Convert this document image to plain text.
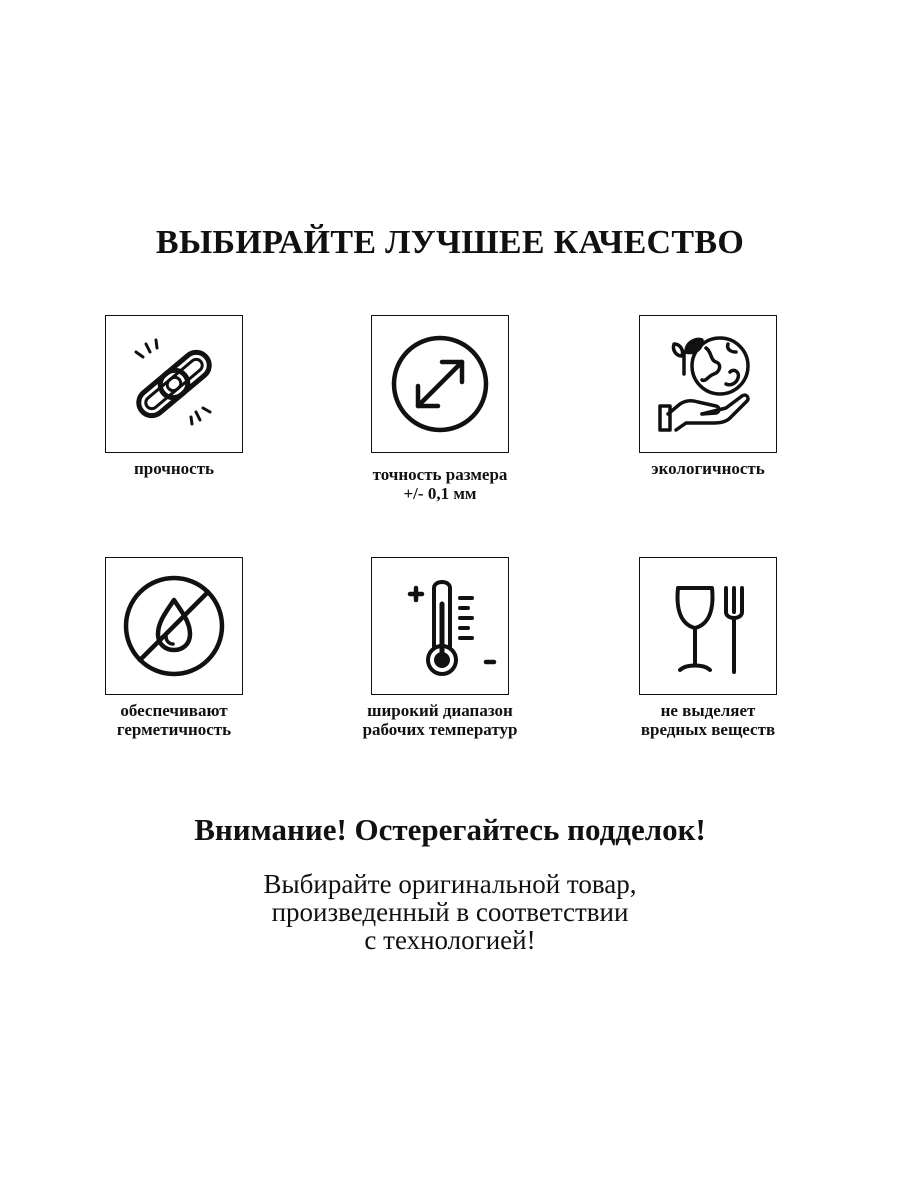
ВЫБИРАЙТЕ ЛУЧШЕЕ КАЧЕСТВО
прочность	точность размера
+/- 0,1 мм
экологичность
обеспечивают
герметичность
широкий диапазон
рабочих температур
не выделяет
вредных веществ
Внимание! Остерегайтесь подделок!

Выбирайте оригинальной товар,
произведенный в соответствии
с технологией!
